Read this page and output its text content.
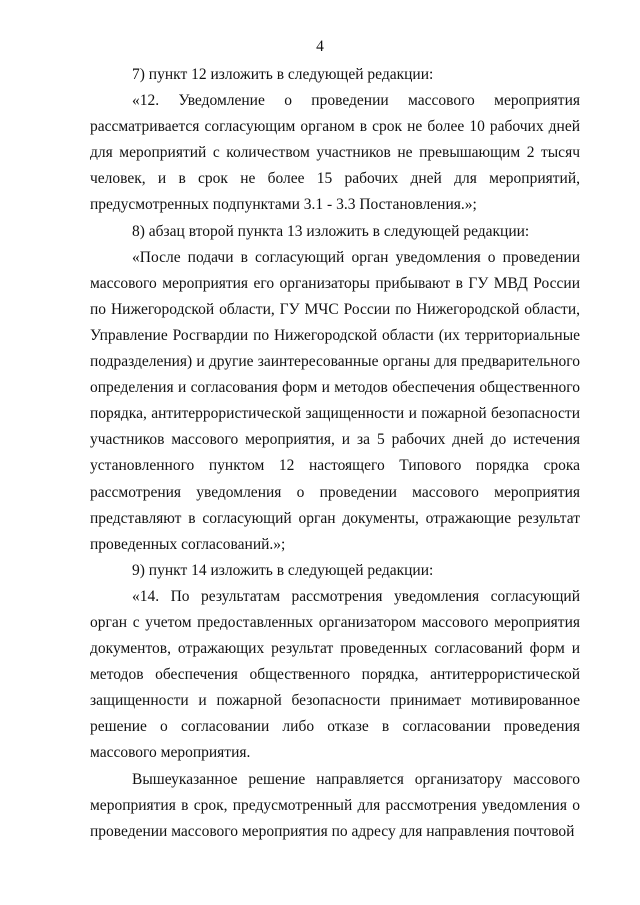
4

7) пункт 12 изложить в следующей редакции:

«12. Уведомление о проведении массового мероприятия рассматривается согласующим органом в срок не более 10 рабочих дней для мероприятий с количеством участников не превышающим 2 тысяч человек, и в срок не более 15 рабочих дней для мероприятий, предусмотренных подпунктами 3.1 - 3.3 Постановления.»;

8) абзац второй пункта 13 изложить в следующей редакции:

«После подачи в согласующий орган уведомления о проведении массового мероприятия его организаторы прибывают в ГУ МВД России по Нижегородской области, ГУ МЧС России по Нижегородской области, Управление Росгвардии по Нижегородской области (их территориальные подразделения) и другие заинтересованные органы для предварительного определения и согласования форм и методов обеспечения общественного порядка, антитеррористической защищенности и пожарной безопасности участников массового мероприятия, и за 5 рабочих дней до истечения установленного пунктом 12 настоящего Типового порядка срока рассмотрения уведомления о проведении массового мероприятия представляют в согласующий орган документы, отражающие результат проведенных согласований.»;

9) пункт 14 изложить в следующей редакции:

«14. По результатам рассмотрения уведомления согласующий орган с учетом предоставленных организатором массового мероприятия документов, отражающих результат проведенных согласований форм и методов обеспечения общественного порядка, антитеррористической защищенности и пожарной безопасности принимает мотивированное решение о согласовании либо отказе в согласовании проведения массового мероприятия.

Вышеуказанное решение направляется организатору массового мероприятия в срок, предусмотренный для рассмотрения уведомления о проведении массового мероприятия по адресу для направления почтовой
